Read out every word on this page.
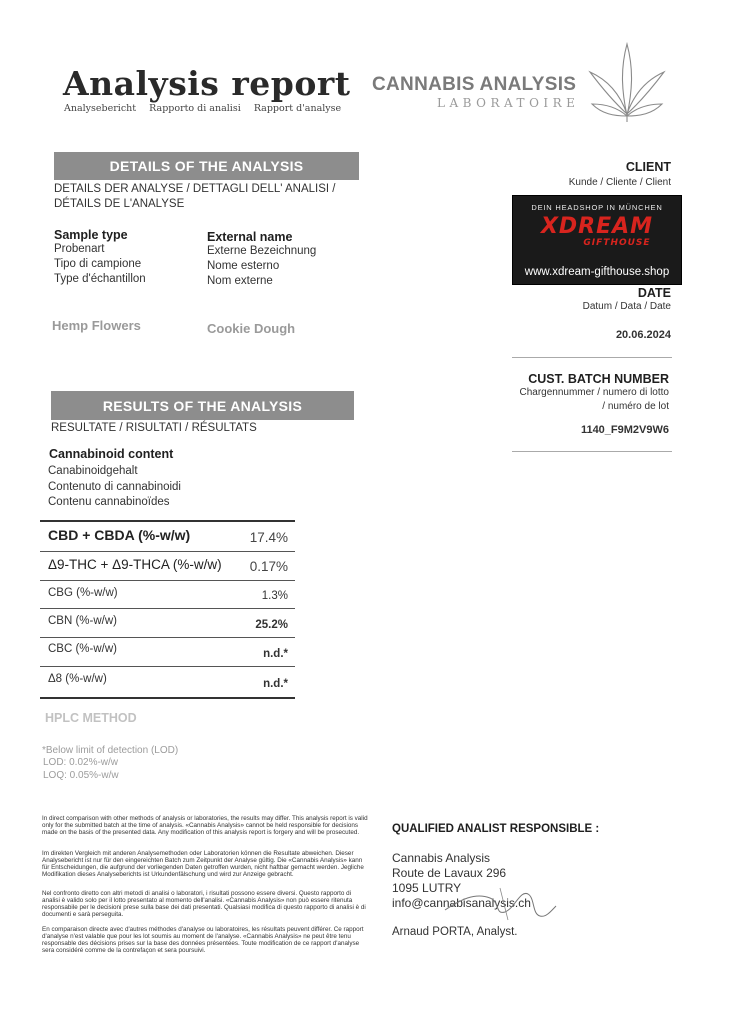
Analysis report
Analysebericht Rapporto di analisi Rapport d'analyse
CANNABIS ANALYSIS
LABORATOIRE
DETAILS OF THE ANALYSIS
DETAILS DER ANALYSE / DETTAGLI DELL' ANALISI /
DÉTAILS DE L'ANALYSE
Sample type
Probenart
Tipo di campione
Type d'échantillon
External name
Externe Bezeichnung
Nome esterno
Nom externe
Hemp Flowers	Cookie Dough
CLIENT
Kunde / Cliente / Client
DEIN HEADSHOP IN MÜNCHEN
XDREAM
GIFTHOUSE
www.xdream-gifthouse.shop
DATE
Datum / Data / Date
20.06.2024
CUST. BATCH NUMBER
Chargennummer / numero di lotto
/ numéro de lot
1140_F9M2V9W6
RESULTS OF THE ANALYSIS
RESULTATE / RISULTATI / RÉSULTATS
Cannabinoid content
Canabinoidgehalt
Contenuto di cannabinoidi
Contenu cannabinoïdes
CBD + CBDA (%-w/w)	17.4%
Δ9-THC + Δ9-THCA (%-w/w) 0.17%
CBG (%-w/w)	1.3%
CBN (%-w/w)	25.2%
CBC (%-w/w)	n.d.*
Δ8 (%-w/w)	n.d.*
HPLC METHOD
*Below limit of detection (LOD)
LOD: 0.02%-w/w
LOQ: 0.05%-w/w
In direct comparison with other methods of analysis or laboratories, the results may differ. This analysis report is valid only for the submitted batch at the time of analysis. «Cannabis Analysis» cannot be held responsible for decisions made on the basis of the presented data. Any modification of this analysis report is forgery and will be prosecuted.
Im direkten Vergleich mit anderen Analysemethoden oder Laboratorien können die Resultate abweichen. Dieser Analysebericht ist nur für den eingereichten Batch zum Zeitpunkt der Analyse gültig. Die «Cannabis Analysis» kann für Entscheidungen, die aufgrund der vorliegenden Daten getroffen wurden, nicht haftbar gemacht werden. Jegliche Modifikation dieses Analyseberichts ist Urkundenfälschung und wird zur Anzeige gebracht.
Nel confronto diretto con altri metodi di analisi o laboratori, i risultati possono essere diversi. Questo rapporto di analisi è valido solo per il lotto presentato al momento dell'analisi. «Cannabis Analysis» non può essere ritenuta responsabile per le decisioni prese sulla base dei dati presentati. Qualsiasi modifica di questo rapporto di analisi è di documenti e sarà perseguita.
En comparaison directe avec d'autres méthodes d'analyse ou laboratoires, les résultats peuvent différer. Ce rapport d'analyse n'est valable que pour les lot soumis au moment de l'analyse. «Cannabis Analysis» ne peut être tenu responsable des décisions prises sur la base des données présentées. Toute modification de ce rapport d'analyse sera considéré comme de la contrefaçon et sera poursuivi.
QUALIFIED ANALIST RESPONSIBLE :
Cannabis Analysis
Route de Lavaux 296
1095 LUTRY
info@cannabisanalysis.ch
Arnaud PORTA, Analyst.
